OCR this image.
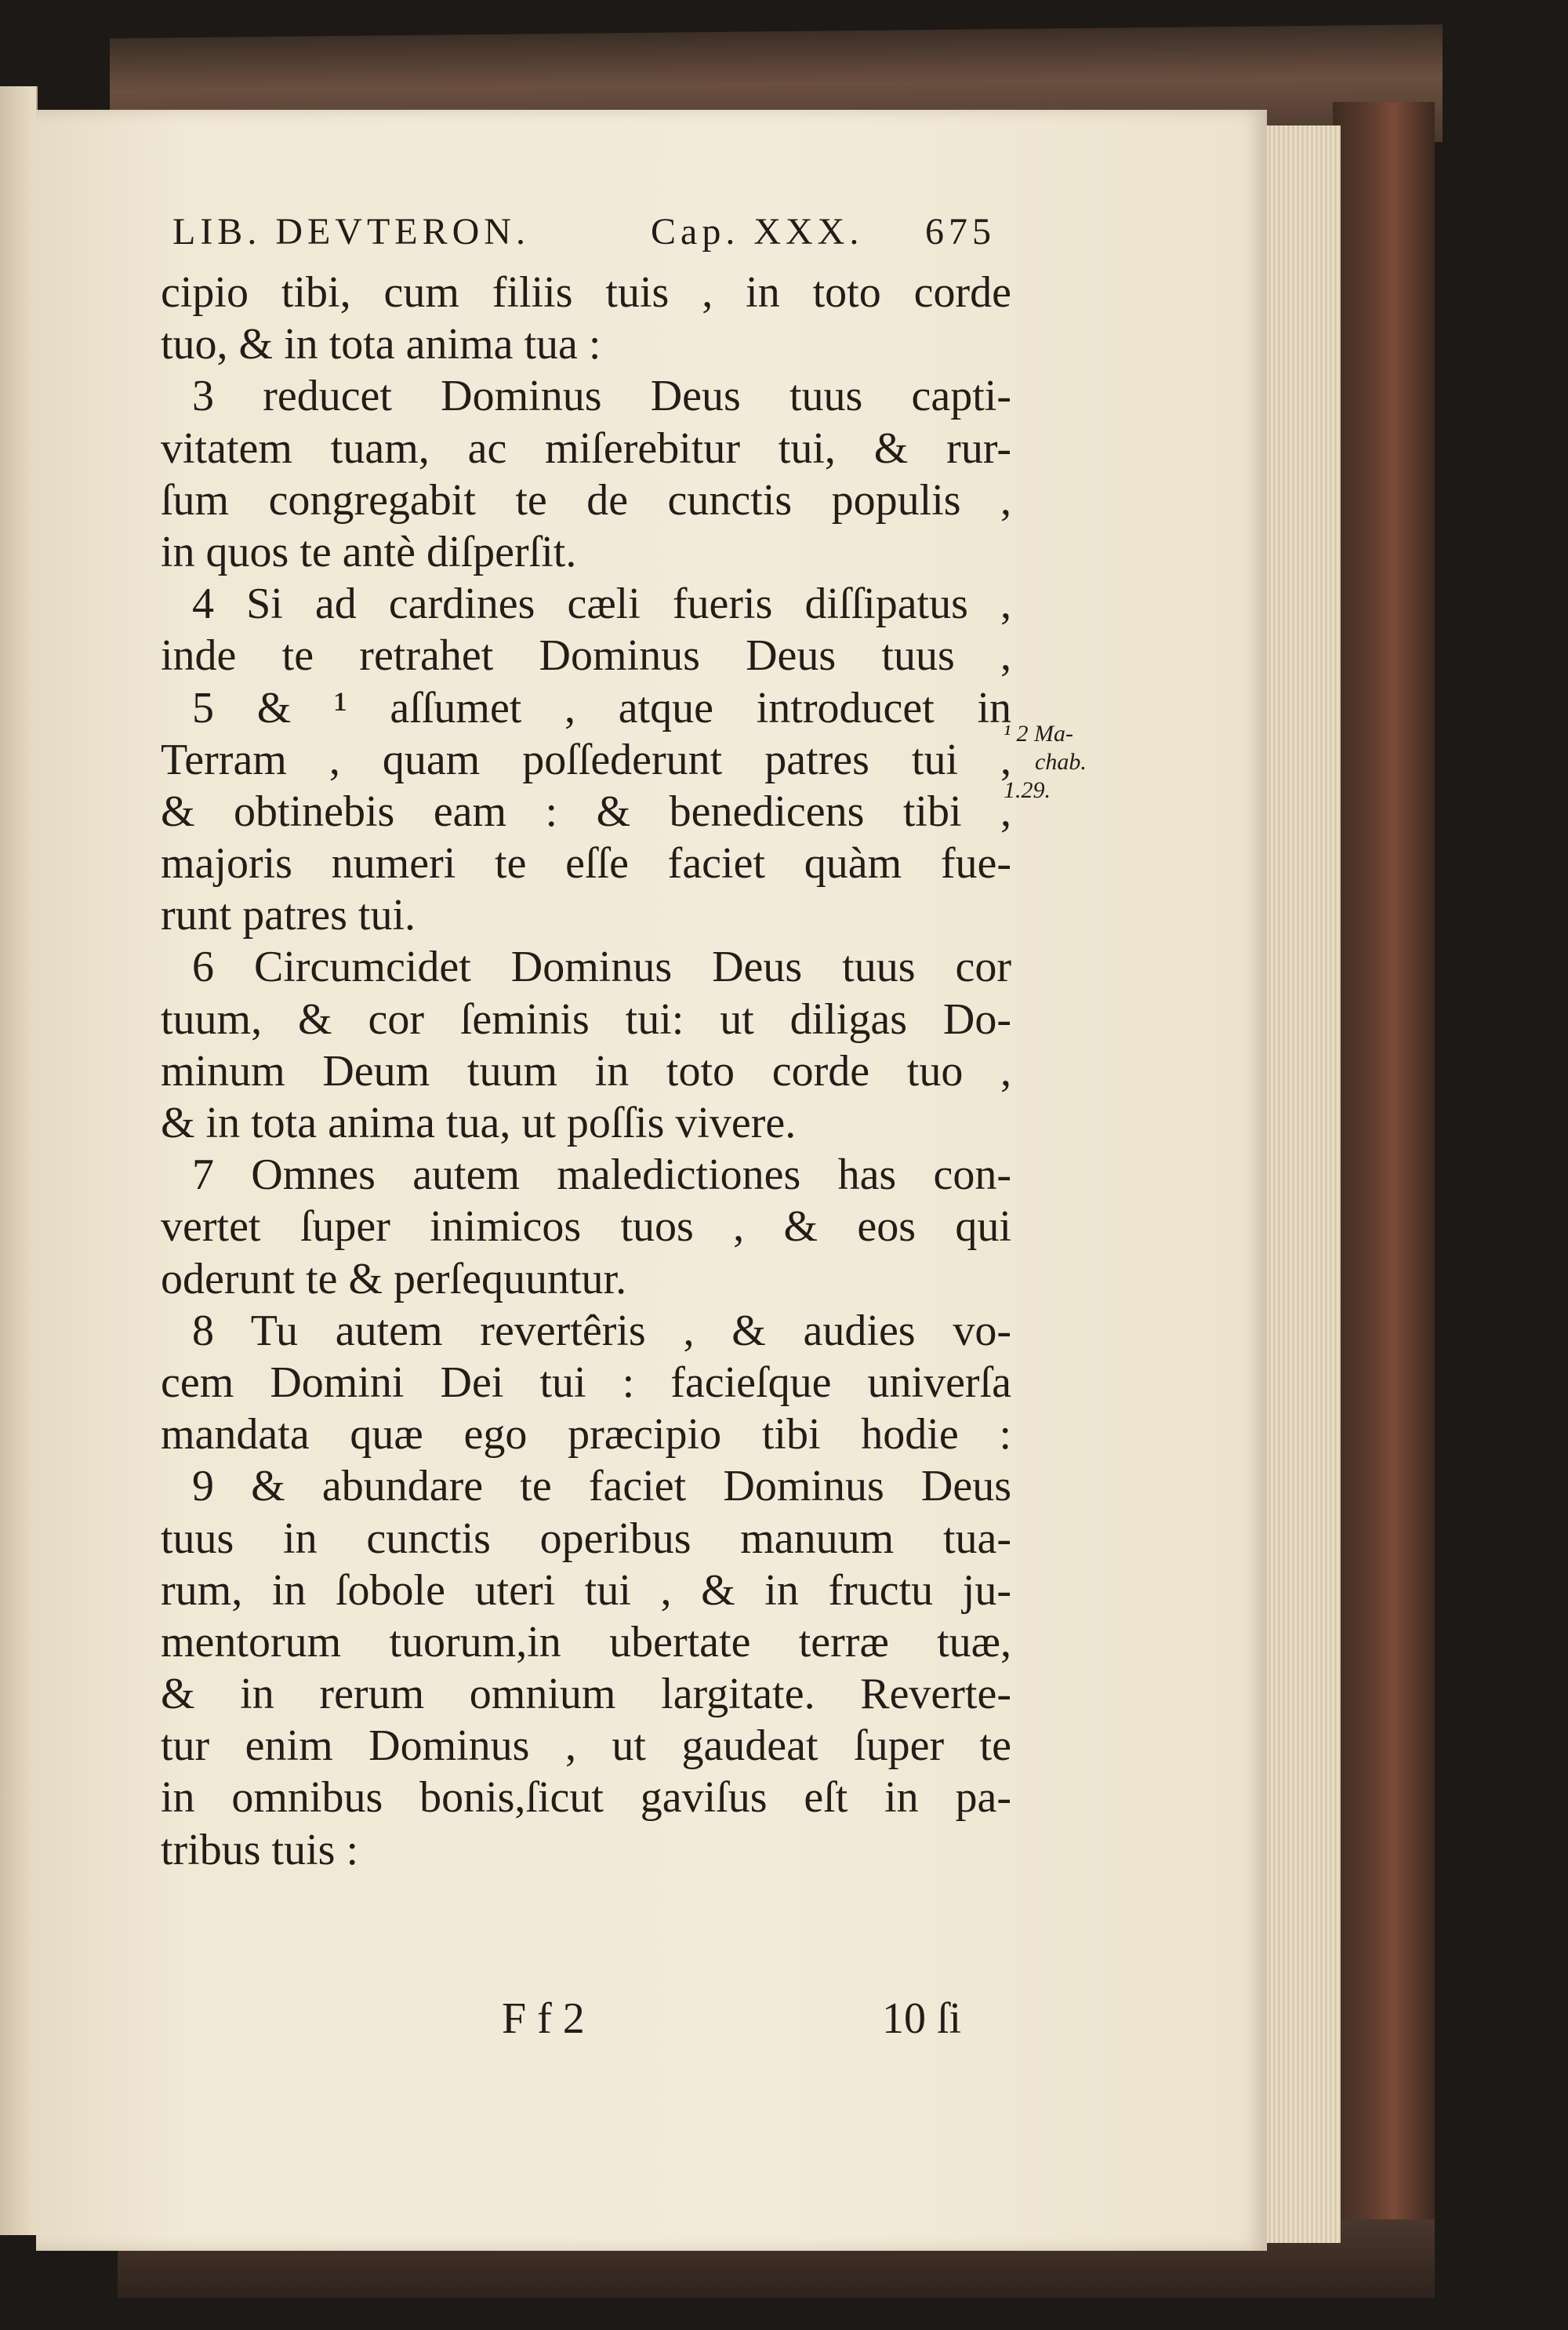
LIB. DEVTERON.	Cap. XXX. 675
cipio tibi, cum filiis tuis , in toto corde
tuo, & in tota anima tua :
3 reducet Dominus Deus tuus capti-
vitatem tuam, ac miſerebitur tui, & rur-
ſum congregabit te de cunctis populis ,
in quos te antè diſperſit.
4 Si ad cardines cæli fueris diſſipatus ,
inde te retrahet Dominus Deus tuus ,
5 & ¹ aſſumet , atque introducet in
Terram , quam poſſederunt patres tui ,
& obtinebis eam : & benedicens tibi ,
majoris numeri te eſſe faciet quàm fue-
runt patres tui.
6 Circumcidet Dominus Deus tuus cor
tuum, & cor ſeminis tui: ut diligas Do-
minum Deum tuum in toto corde tuo ,
& in tota anima tua, ut poſſis vivere.
7 Omnes autem maledictiones has con-
vertet ſuper inimicos tuos , & eos qui
oderunt te & perſequuntur.
8 Tu autem revertêris , & audies vo-
cem Domini Dei tui : facieſque univerſa
mandata quæ ego præcipio tibi hodie :
9 & abundare te faciet Dominus Deus
tuus in cunctis operibus manuum tua-
rum, in ſobole uteri tui , & in fructu ju-
mentorum tuorum,in ubertate terræ tuæ,
& in rerum omnium largitate. Reverte-
tur enim Dominus , ut gaudeat ſuper te
in omnibus bonis,ſicut gaviſus eſt in pa-
tribus tuis :
¹ 2 Ma-
chab.
1.29.
F f 2	10 ſi
